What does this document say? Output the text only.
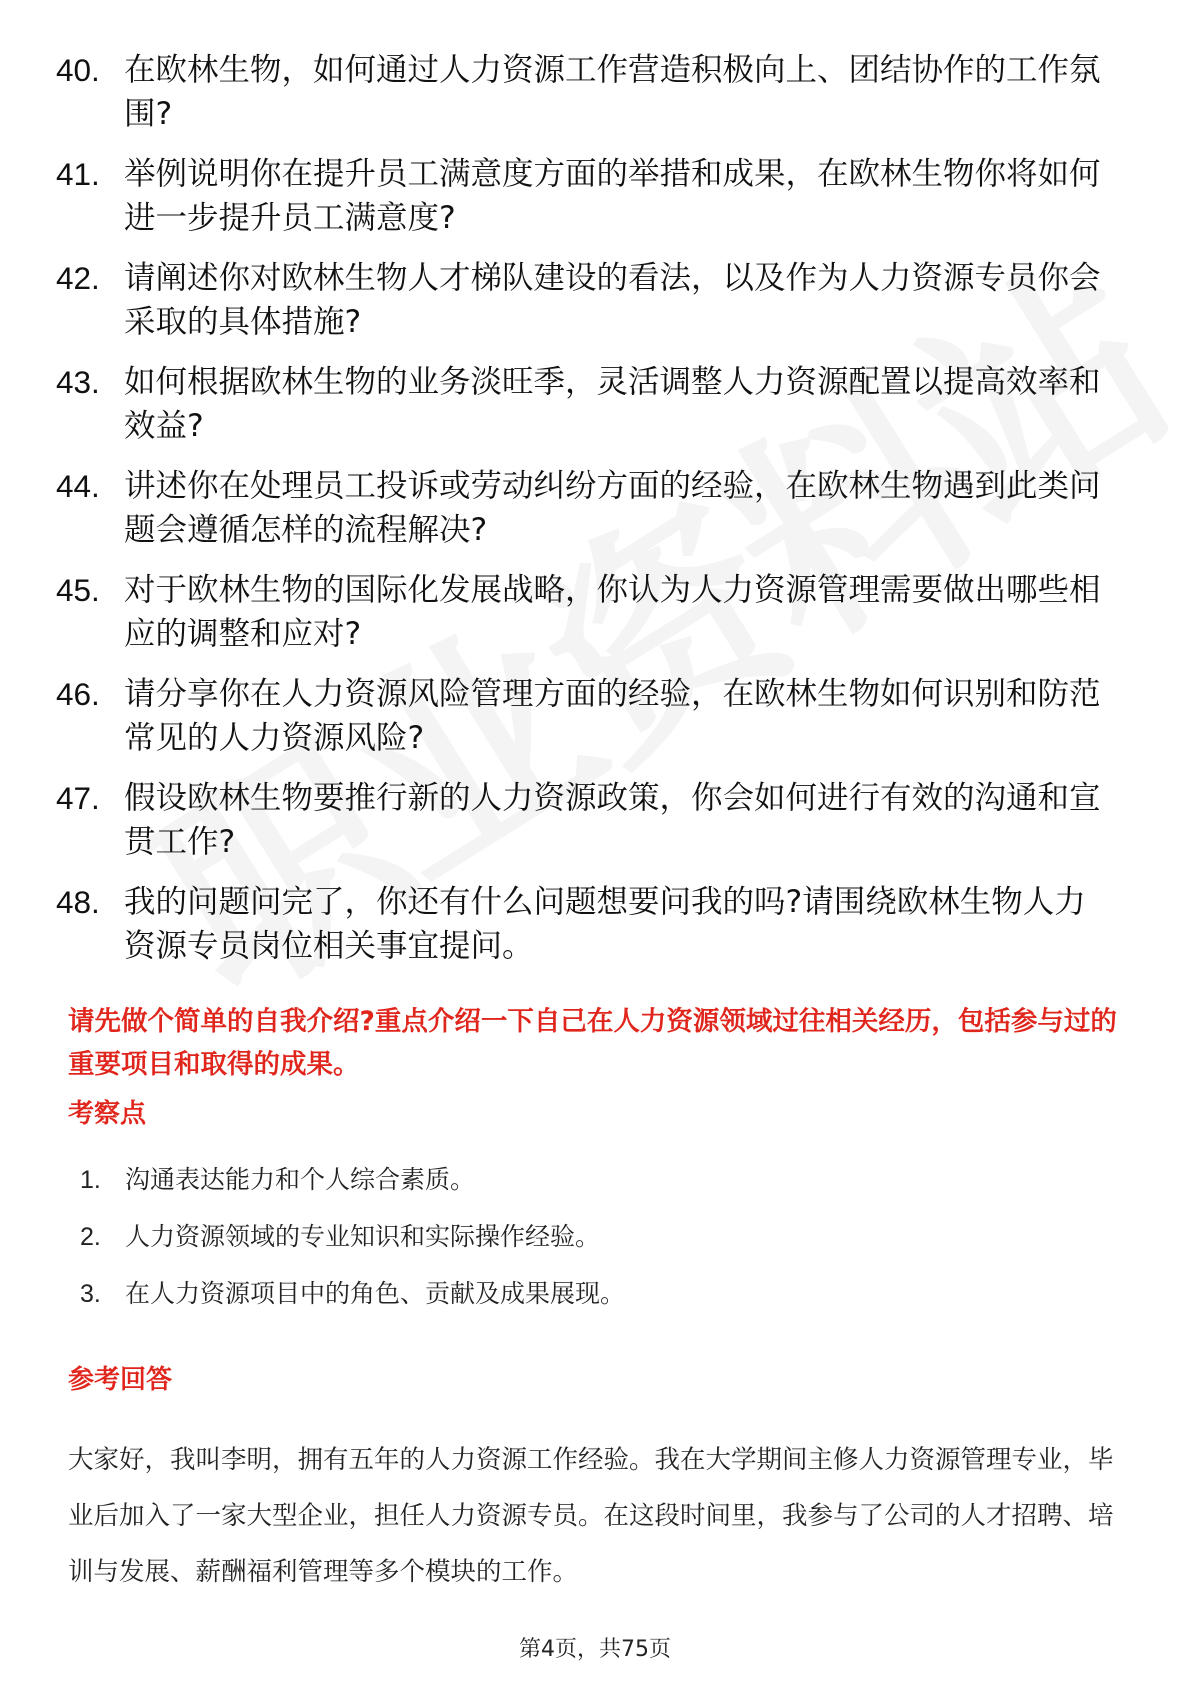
40. 在欧林生物，如何通过人力资源工作营造积极向上、团结协作的工作氛围?
41. 举例说明你在提升员工满意度方面的举措和成果，在欧林生物你将如何进一步提升员工满意度?
42. 请阐述你对欧林生物人才梯队建设的看法，以及作为人力资源专员你会采取的具体措施?
43. 如何根据欧林生物的业务淡旺季，灵活调整人力资源配置以提高效率和效益?
44. 讲述你在处理员工投诉或劳动纠纷方面的经验，在欧林生物遇到此类问题会遵循怎样的流程解决?
45. 对于欧林生物的国际化发展战略，你认为人力资源管理需要做出哪些相应的调整和应对?
46. 请分享你在人力资源风险管理方面的经验，在欧林生物如何识别和防范常见的人力资源风险?
47. 假设欧林生物要推行新的人力资源政策，你会如何进行有效的沟通和宣贯工作?
48. 我的问题问完了，你还有什么问题想要问我的吗?请围绕欧林生物人力资源专员岗位相关事宜提问。
请先做个简单的自我介绍?重点介绍一下自己在人力资源领域过往相关经历，包括参与过的重要项目和取得的成果。
考察点
1. 沟通表达能力和个人综合素质。
2. 人力资源领域的专业知识和实际操作经验。
3. 在人力资源项目中的角色、贡献及成果展现。
参考回答
大家好，我叫李明，拥有五年的人力资源工作经验。我在大学期间主修人力资源管理专业，毕业后加入了一家大型企业，担任人力资源专员。在这段时间里，我参与了公司的人才招聘、培训与发展、薪酬福利管理等多个模块的工作。
第4页，共75页
